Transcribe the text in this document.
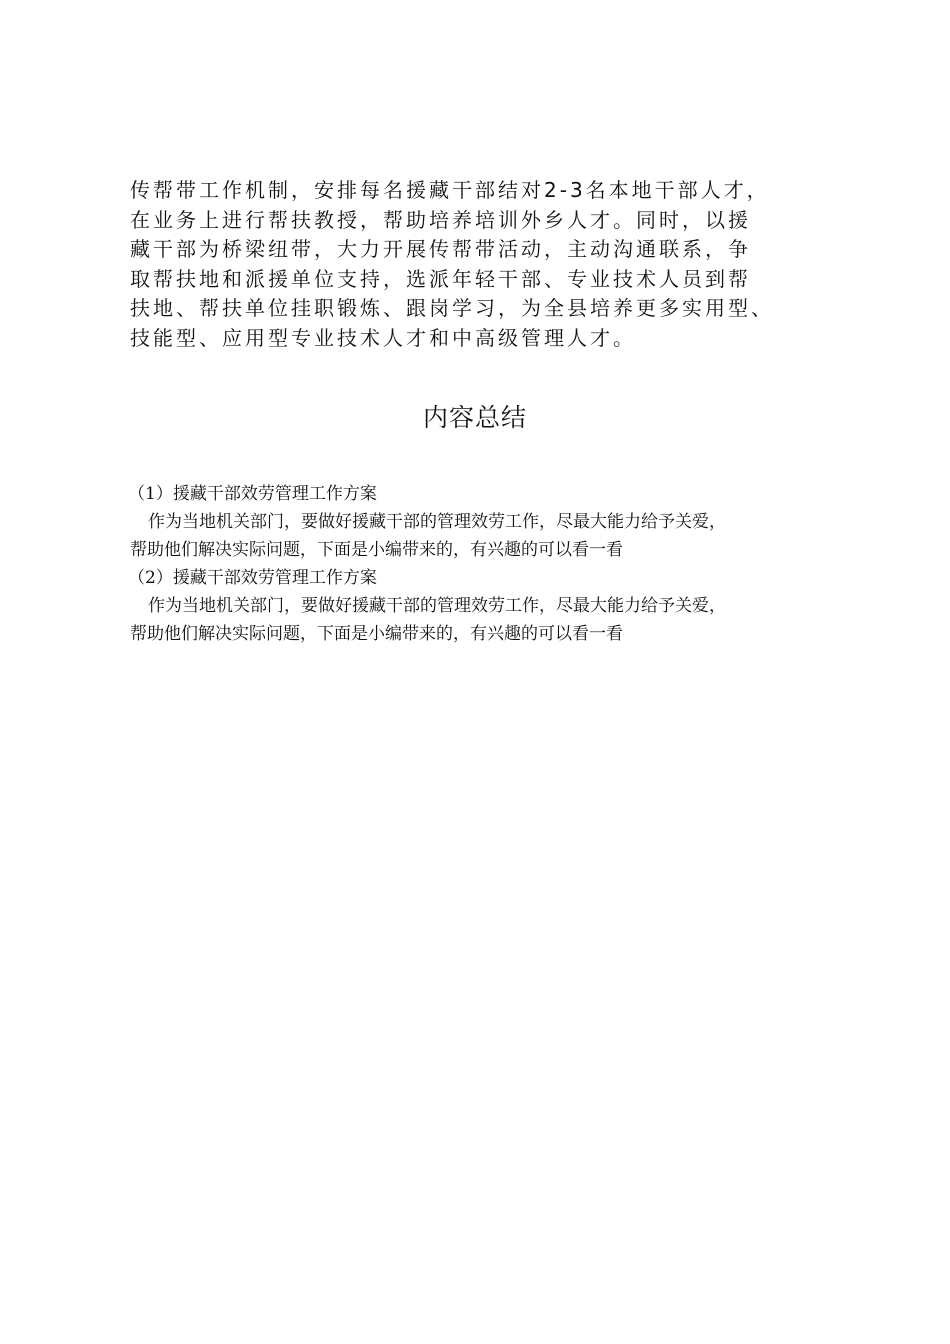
传帮带工作机制，安排每名援藏干部结对2-3名本地干部人才，
在业务上进行帮扶教授，帮助培养培训外乡人才。同时，以援
藏干部为桥梁纽带，大力开展传帮带活动，主动沟通联系，争
取帮扶地和派援单位支持，选派年轻干部、专业技术人员到帮
扶地、帮扶单位挂职锻炼、跟岗学习，为全县培养更多实用型、
技能型、应用型专业技术人才和中高级管理人才。

内容总结
（1）援藏干部效劳管理工作方案

作为当地机关部门，要做好援藏干部的管理效劳工作，尽最大能力给予关爱，
帮助他们解决实际问题，下面是小编带来的，有兴趣的可以看一看

（2）援藏干部效劳管理工作方案

作为当地机关部门，要做好援藏干部的管理效劳工作，尽最大能力给予关爱，
帮助他们解决实际问题，下面是小编带来的，有兴趣的可以看一看
